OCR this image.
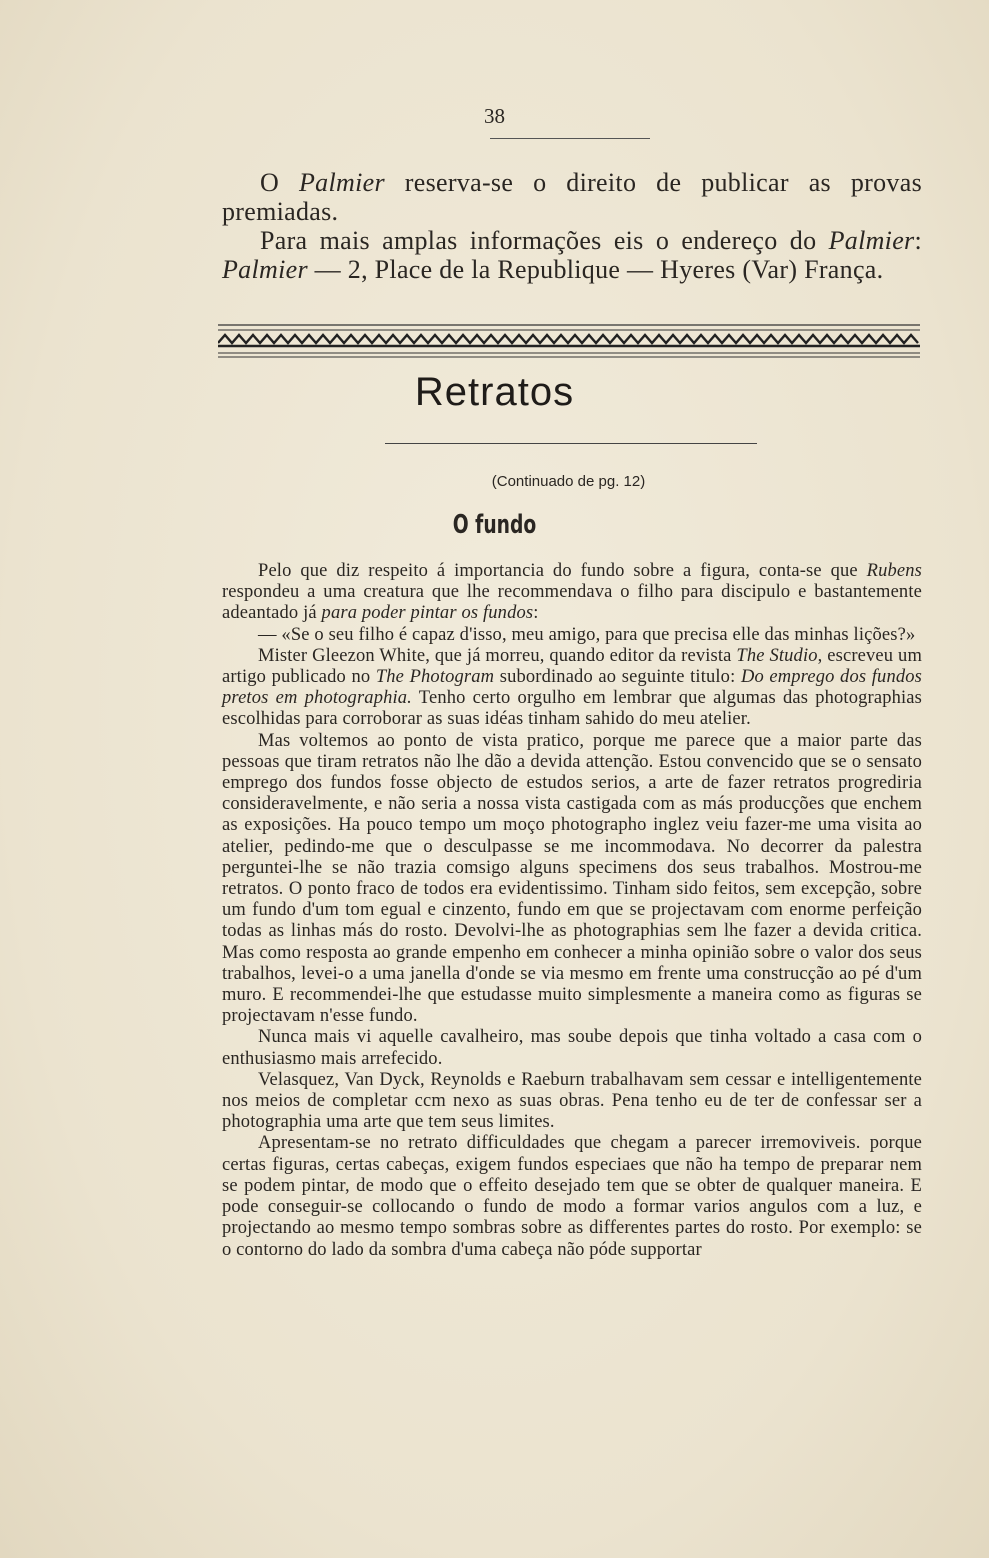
38

O Palmier reserva-se o direito de publicar as provas premiadas.

Para mais amplas informações eis o endereço do Palmier: Palmier — 2, Place de la Republique — Hyeres (Var) França.

Retratos
(Continuado de pg. 12)
O fundo

Pelo que diz respeito á importancia do fundo sobre a figura, conta-se que Rubens respondeu a uma creatura que lhe recommendava o filho para discipulo e bastantemente adeantado já para poder pintar os fundos:

— «Se o seu filho é capaz d'isso, meu amigo, para que precisa elle das minhas lições?»

Mister Gleezon White, que já morreu, quando editor da revista The Studio, escreveu um artigo publicado no The Photogram subordinado ao seguinte titulo: Do emprego dos fundos pretos em photographia. Tenho certo orgulho em lembrar que algumas das photographias escolhidas para corroborar as suas idéas tinham sahido do meu atelier.

Mas voltemos ao ponto de vista pratico, porque me parece que a maior parte das pessoas que tiram retratos não lhe dão a devida attenção. Estou convencido que se o sensato emprego dos fundos fosse objecto de estudos serios, a arte de fazer retratos progrediria consideravelmente, e não seria a nossa vista castigada com as más producções que enchem as exposições. Ha pouco tempo um moço photographo inglez veiu fazer-me uma visita ao atelier, pedindo-me que o desculpasse se me incommodava. No decorrer da palestra perguntei-lhe se não trazia comsigo alguns specimens dos seus trabalhos. Mostrou-me retratos. O ponto fraco de todos era evidentissimo. Tinham sido feitos, sem excepção, sobre um fundo d'um tom egual e cinzento, fundo em que se projectavam com enorme perfeição todas as linhas más do rosto. Devolvi-lhe as photographias sem lhe fazer a devida critica. Mas como resposta ao grande empenho em conhecer a minha opinião sobre o valor dos seus trabalhos, levei-o a uma janella d'onde se via mesmo em frente uma construcção ao pé d'um muro. E recommendei-lhe que estudasse muito simplesmente a maneira como as figuras se projectavam n'esse fundo.

Nunca mais vi aquelle cavalheiro, mas soube depois que tinha voltado a casa com o enthusiasmo mais arrefecido.

Velasquez, Van Dyck, Reynolds e Raeburn trabalhavam sem cessar e intelligentemente nos meios de completar ccm nexo as suas obras. Pena tenho eu de ter de confessar ser a photographia uma arte que tem seus limites.

Apresentam-se no retrato difficuldades que chegam a parecer irremoviveis. porque certas figuras, certas cabeças, exigem fundos especiaes que não ha tempo de preparar nem se podem pintar, de modo que o effeito desejado tem que se obter de qualquer maneira. E pode conseguir-se collocando o fundo de modo a formar varios angulos com a luz, e projectando ao mesmo tempo sombras sobre as differentes partes do rosto. Por exemplo: se o contorno do lado da sombra d'uma cabeça não póde supportar
